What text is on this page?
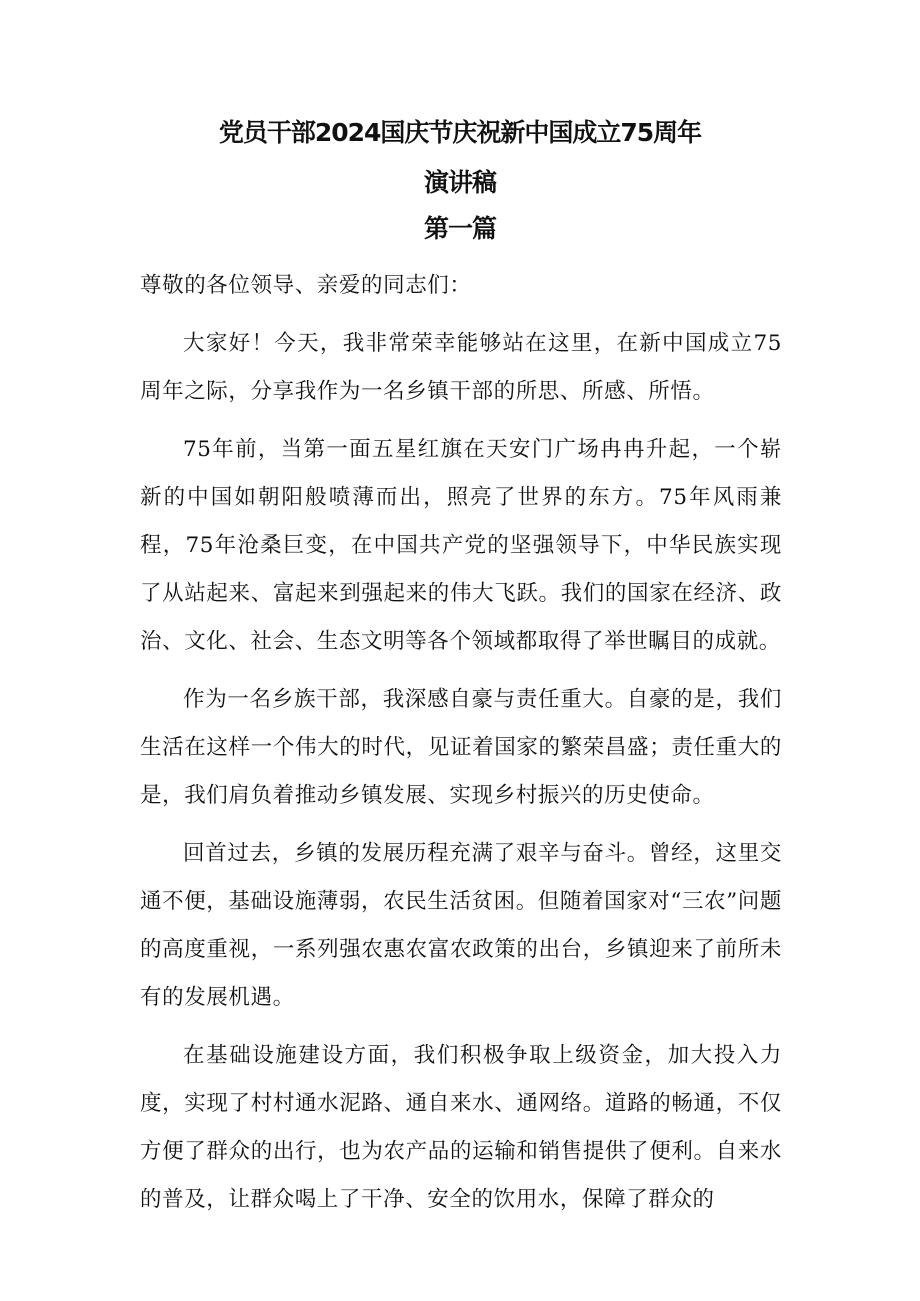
党员干部2024国庆节庆祝新中国成立75周年
演讲稿
第一篇

尊敬的各位领导、亲爱的同志们：

大家好！今天，我非常荣幸能够站在这里，在新中国成立75周年之际，分享我作为一名乡镇干部的所思、所感、所悟。

75年前，当第一面五星红旗在天安门广场冉冉升起，一个崭新的中国如朝阳般喷薄而出，照亮了世界的东方。75年风雨兼程，75年沧桑巨变，在中国共产党的坚强领导下，中华民族实现了从站起来、富起来到强起来的伟大飞跃。我们的国家在经济、政治、文化、社会、生态文明等各个领域都取得了举世瞩目的成就。

作为一名乡族干部，我深感自豪与责任重大。自豪的是，我们生活在这样一个伟大的时代，见证着国家的繁荣昌盛；责任重大的是，我们肩负着推动乡镇发展、实现乡村振兴的历史使命。

回首过去，乡镇的发展历程充满了艰辛与奋斗。曾经，这里交通不便，基础设施薄弱，农民生活贫困。但随着国家对“三农”问题的高度重视，一系列强农惠农富农政策的出台，乡镇迎来了前所未有的发展机遇。

在基础设施建设方面，我们积极争取上级资金，加大投入力度，实现了村村通水泥路、通自来水、通网络。道路的畅通，不仅方便了群众的出行，也为农产品的运输和销售提供了便利。自来水的普及，让群众喝上了干净、安全的饮用水，保障了群众的
